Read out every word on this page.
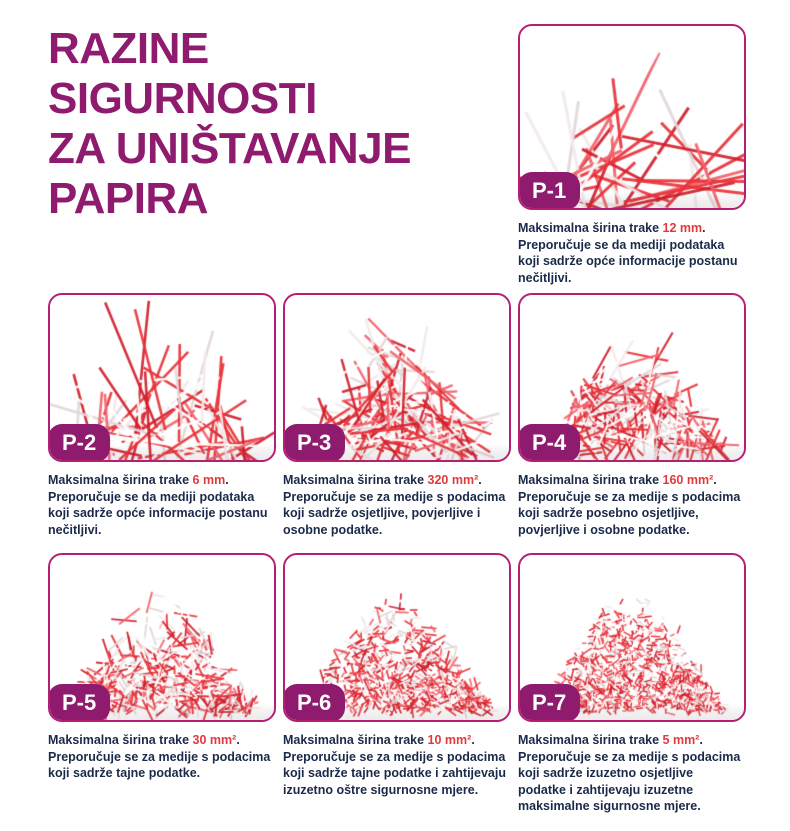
RAZINE
SIGURNOSTI
ZA UNIŠTAVANJE
PAPIRA	P-1
Maksimalna širina trake 12 mm. Preporučuje se da mediji podataka koji sadrže opće informacije postanu nečitljivi.
P-2
Maksimalna širina trake 6 mm. Preporučuje se da mediji podataka koji sadrže opće informacije postanu nečitljivi.
P-3
Maksimalna širina trake 320 mm². Preporučuje se za medije s podacima koji sadrže osjetljive, povjerljive i osobne podatke.
P-4
Maksimalna širina trake 160 mm². Preporučuje se za medije s podacima koji sadrže posebno osjetljive, povjerljive i osobne podatke.
P-5
Maksimalna širina trake 30 mm². Preporučuje se za medije s podacima koji sadrže tajne podatke.
P-6
Maksimalna širina trake 10 mm². Preporučuje se za medije s podacima koji sadrže tajne podatke i zahtijevaju izuzetno oštre sigurnosne mjere.
P-7
Maksimalna širina trake 5 mm². Preporučuje se za medije s podacima koji sadrže izuzetno osjetljive podatke i zahtijevaju izuzetne maksimalne sigurnosne mjere.
